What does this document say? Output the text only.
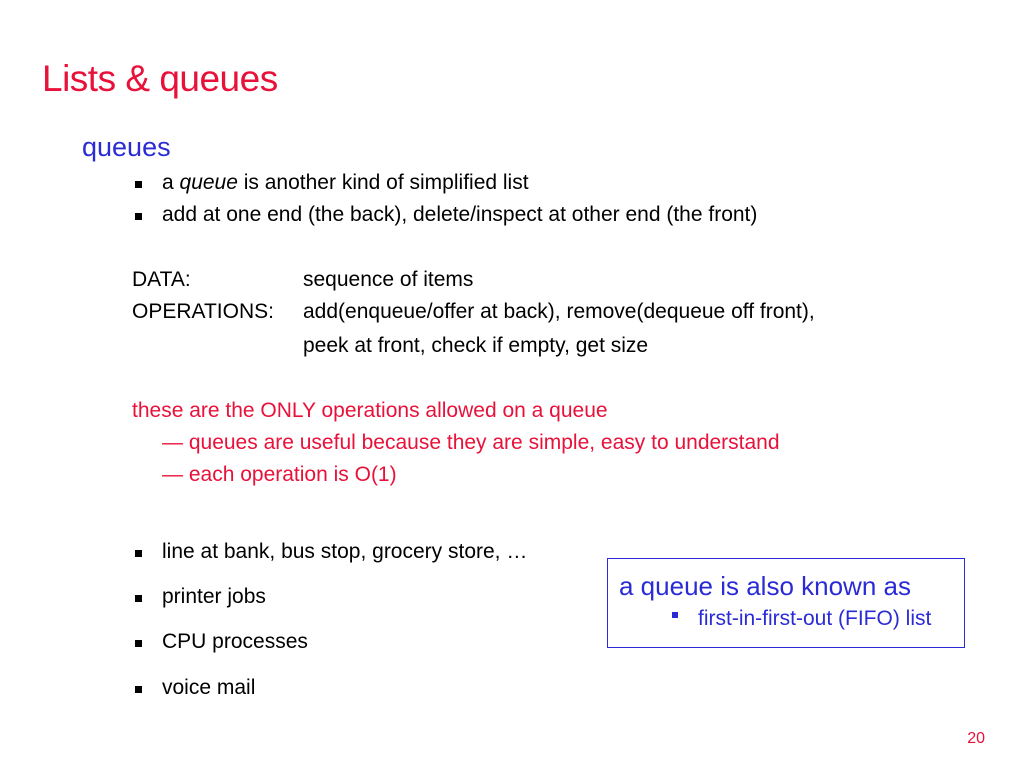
Lists & queues
queues
a queue is another kind of simplified list
add at one end (the back), delete/inspect at other end (the front)
DATA:	sequence of items
OPERATIONS: add(enqueue/offer at back), remove(dequeue off front),
peek at front, check if empty, get size
these are the ONLY operations allowed on a queue
— queues are useful because they are simple, easy to understand
— each operation is O(1)
line at bank, bus stop, grocery store, …
printer jobs
CPU processes
voice mail
a queue is also known as
first-in-first-out (FIFO) list
20
